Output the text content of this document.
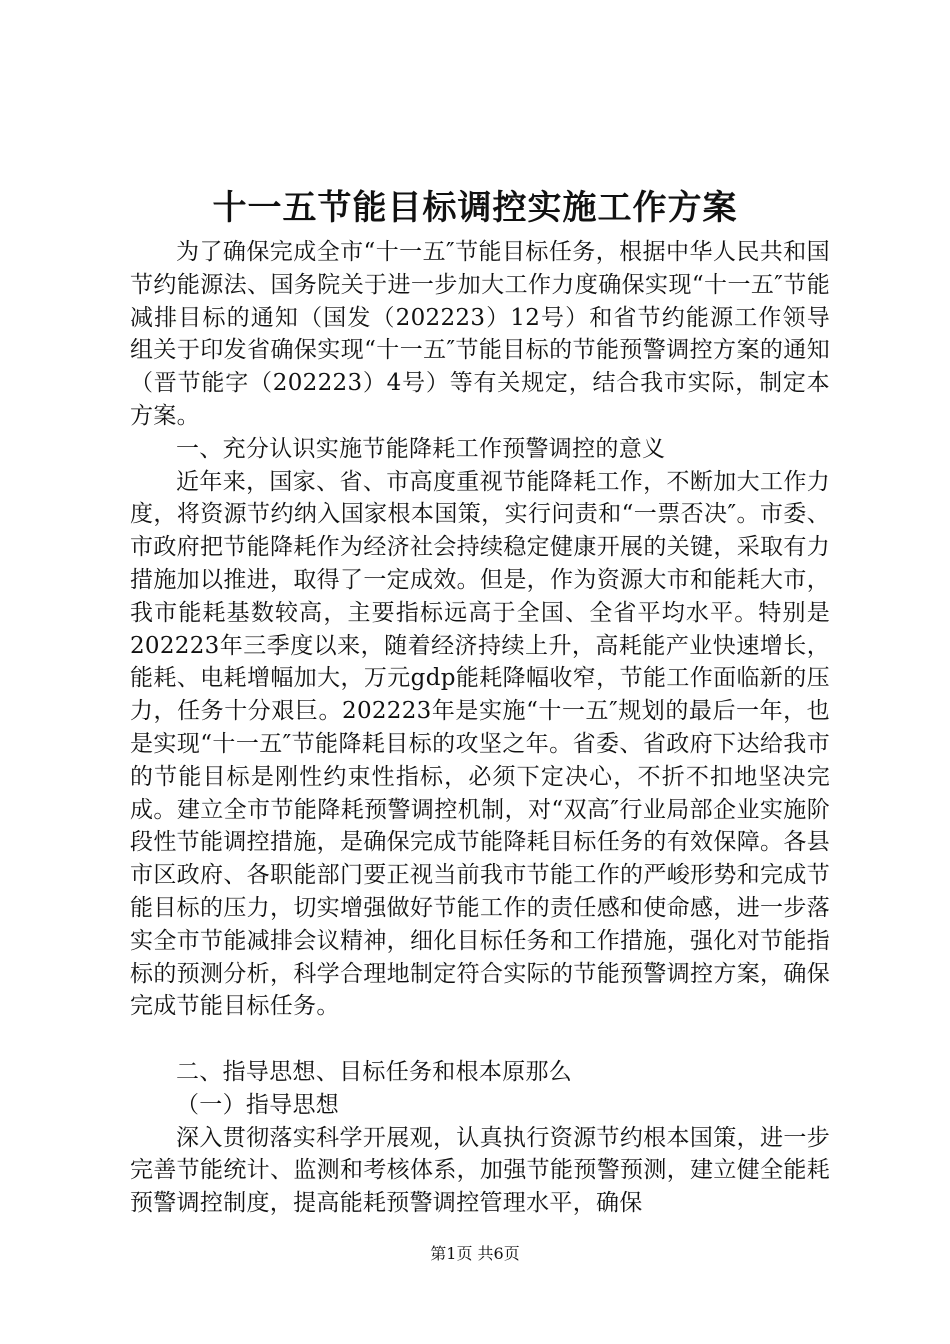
十一五节能目标调控实施工作方案

为了确保完成全市“十一五″节能目标任务，根据中华人民共和国节约能源法、国务院关于进一步加大工作力度确保实现“十一五″节能减排目标的通知（国发（202223）12号）和省节约能源工作领导组关于印发省确保实现“十一五″节能目标的节能预警调控方案的通知（晋节能字（202223）4号）等有关规定，结合我市实际，制定本方案。

一、充分认识实施节能降耗工作预警调控的意义

近年来，国家、省、市高度重视节能降耗工作，不断加大工作力度，将资源节约纳入国家根本国策，实行问责和“一票否决″。市委、市政府把节能降耗作为经济社会持续稳定健康开展的关键，采取有力措施加以推进，取得了一定成效。但是，作为资源大市和能耗大市，我市能耗基数较高，主要指标远高于全国、全省平均水平。特别是202223年三季度以来，随着经济持续上升，高耗能产业快速增长，能耗、电耗增幅加大，万元gdp能耗降幅收窄，节能工作面临新的压力，任务十分艰巨。202223年是实施“十一五″规划的最后一年，也是实现“十一五″节能降耗目标的攻坚之年。省委、省政府下达给我市的节能目标是刚性约束性指标，必须下定决心，不折不扣地坚决完成。建立全市节能降耗预警调控机制，对“双高″行业局部企业实施阶段性节能调控措施，是确保完成节能降耗目标任务的有效保障。各县市区政府、各职能部门要正视当前我市节能工作的严峻形势和完成节能目标的压力，切实增强做好节能工作的责任感和使命感，进一步落实全市节能减排会议精神，细化目标任务和工作措施，强化对节能指标的预测分析，科学合理地制定符合实际的节能预警调控方案，确保完成节能目标任务。

二、指导思想、目标任务和根本原那么

（一）指导思想

深入贯彻落实科学开展观，认真执行资源节约根本国策，进一步完善节能统计、监测和考核体系，加强节能预警预测，建立健全能耗预警调控制度，提高能耗预警调控管理水平，确保

第1页 共6页
